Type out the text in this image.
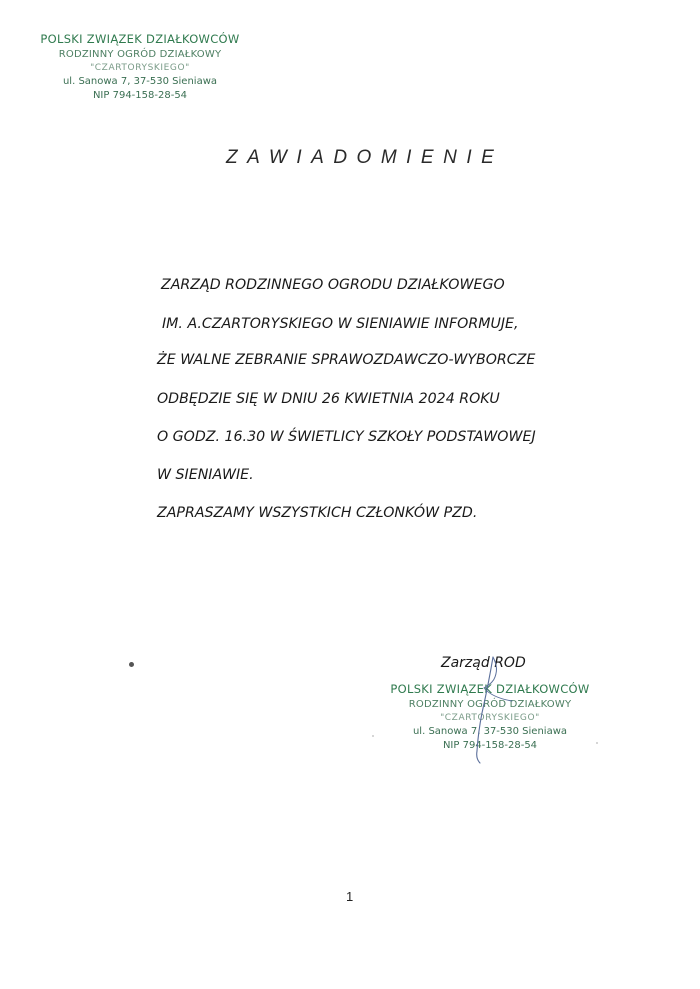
POLSKI ZWIĄZEK DZIAŁKOWCÓW
RODZINNY OGRÓD DZIAŁKOWY
"CZARTORYSKIEGO"
ul. Sanowa 7, 37-530 Sieniawa
NIP 794-158-28-54
ZAWIADOMIENIE
ZARZĄD RODZINNEGO OGRODU DZIAŁKOWEGO
IM. A.CZARTORYSKIEGO W SIENIAWIE INFORMUJE,
ŻE WALNE ZEBRANIE SPRAWOZDAWCZO-WYBORCZE
ODBĘDZIE SIĘ W DNIU 26 KWIETNIA 2024 ROKU
O GODZ. 16.30 W ŚWIETLICY SZKOŁY PODSTAWOWEJ
W SIENIAWIE.
ZAPRASZAMY WSZYSTKICH CZŁONKÓW PZD.
Zarząd ROD
POLSKI ZWIĄZEK DZIAŁKOWCÓW
RODZINNY OGRÓD DZIAŁKOWY
"CZARTORYSKIEGO"
ul. Sanowa 7, 37-530 Sieniawa
NIP 794-158-28-54
1
